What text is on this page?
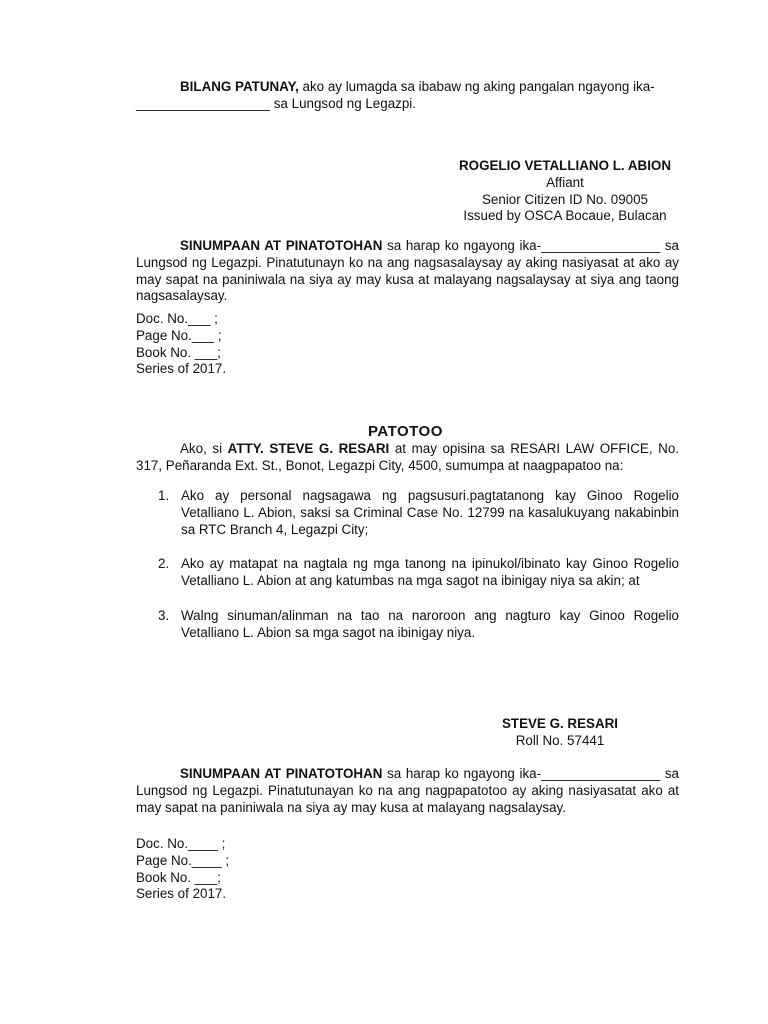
BILANG PATUNAY, ako ay lumagda sa ibabaw ng aking pangalan ngayong ika-
__________________ sa Lungsod ng Legazpi.
ROGELIO VETALLIANO L. ABION
Affiant
Senior Citizen ID No. 09005
Issued by OSCA Bocaue, Bulacan
SINUMPAAN AT PINATOTOHAN sa harap ko ngayong ika-________________ sa Lungsod ng Legazpi. Pinatutunayn ko na ang nagsasalaysay ay aking nasiyasat at ako ay may sapat na paniniwala na siya ay may kusa at malayang nagsalaysay at siya ang taong nagsasalaysay.
Doc. No.___ ;
Page No.___ ;
Book No. ___;
Series of 2017.
PATOTOO
Ako, si ATTY. STEVE G. RESARI at may opisina sa RESARI LAW OFFICE, No. 317, Peñaranda Ext. St., Bonot, Legazpi City, 4500, sumumpa at naagpapatoo na:
1. Ako ay personal nagsagawa ng pagsusuri.pagtatanong kay Ginoo Rogelio Vetalliano L. Abion, saksi sa Criminal Case No. 12799 na kasalukuyang nakabinbin sa RTC Branch 4, Legazpi City;
2. Ako ay matapat na nagtala ng mga tanong na ipinukol/ibinato kay Ginoo Rogelio Vetalliano L. Abion at ang katumbas na mga sagot na ibinigay niya sa akin; at
3. Walng sinuman/alinman na tao na naroroon ang nagturo kay Ginoo Rogelio Vetalliano L. Abion sa mga sagot na ibinigay niya.
STEVE G. RESARI
Roll No. 57441
SINUMPAAN AT PINATOTOHAN sa harap ko ngayong ika-________________ sa Lungsod ng Legazpi. Pinatutunayan ko na ang nagpapatotoo ay aking nasiyasatat ako at may sapat na paniniwala na siya ay may kusa at malayang nagsalaysay.
Doc. No.____ ;
Page No.____ ;
Book No. ___;
Series of 2017.
